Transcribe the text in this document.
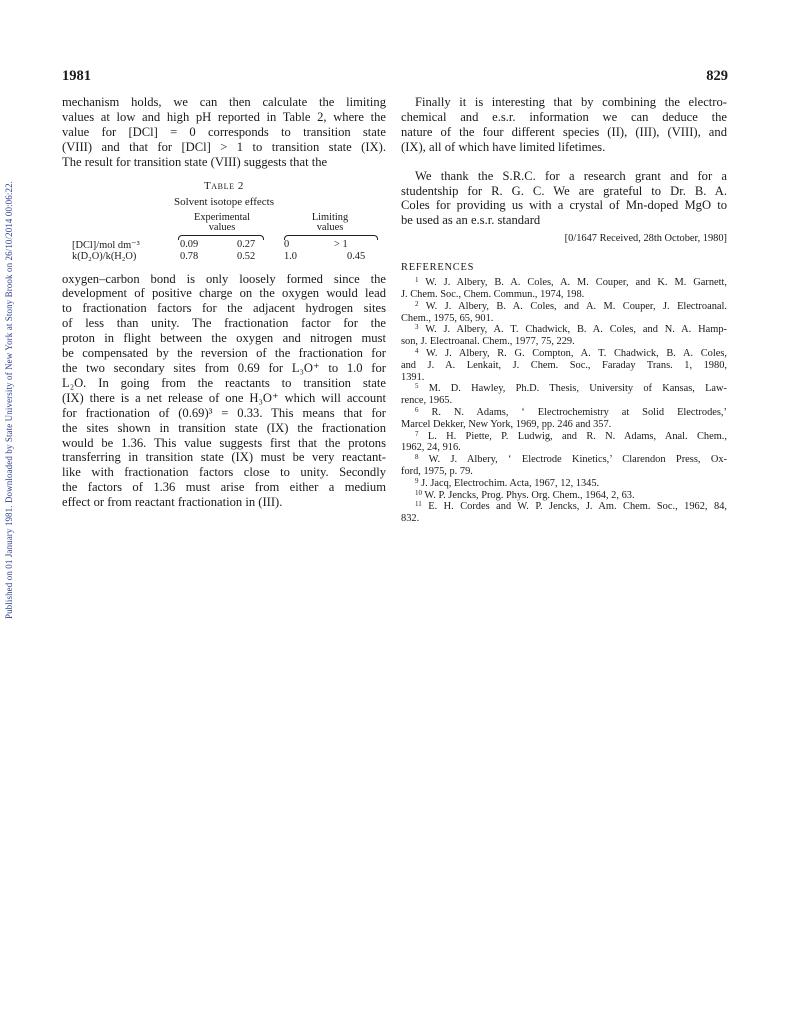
Published on 01 January 1981. Downloaded by State University of New York at Stony Brook on 26/10/2014 00:06:22.
1981	829

mechanism holds, we can then calculate the limiting
values at low and high pH reported in Table 2, where the
value for [DCl] = 0 corresponds to transition state
(VIII) and that for [DCl] > 1 to transition state (IX).
The result for transition state (VIII) suggests that the

Table 2
Solvent isotope effects
Experimental
values
Limiting
values
[DCl]/mol dm⁻³	0.09	0.27	0	> 1
k(D₂O)/k(H₂O)	0.78	0.52	1.0	0.45

oxygen–carbon bond is only loosely formed since the
development of positive charge on the oxygen would lead
to fractionation factors for the adjacent hydrogen sites
of less than unity. The fractionation factor for the
proton in flight between the oxygen and nitrogen must
be compensated by the reversion of the fractionation for
the two secondary sites from 0.69 for L₃O⁺ to 1.0 for
L₂O. In going from the reactants to transition state
(IX) there is a net release of one H₃O⁺ which will account
for fractionation of (0.69)³ = 0.33. This means that for
the sites shown in transition state (IX) the fractionation
would be 1.36. This value suggests first that the protons
transferring in transition state (IX) must be very reactant-
like with fractionation factors close to unity. Secondly
the factors of 1.36 must arise from either a medium
effect or from reactant fractionation in (III).

Finally it is interesting that by combining the electro-
chemical and e.s.r. information we can deduce the
nature of the four different species (II), (III), (VIII), and
(IX), all of which have limited lifetimes.

We thank the S.R.C. for a research grant and for a
studentship for R. G. C. We are grateful to Dr. B. A.
Coles for providing us with a crystal of Mn-doped MgO to
be used as an e.s.r. standard

[0/1647 Received, 28th October, 1980]
REFERENCES
$^1$ W. J. Albery, B. A. Coles, A. M. Couper, and K. M. Garnett,
J. Chem. Soc., Chem. Commun., 1974, 198.
$^2$ W. J. Albery, B. A. Coles, and A. M. Couper, J. Electroanal.
Chem., 1975, 65, 901.
$^3$ W. J. Albery, A. T. Chadwick, B. A. Coles, and N. A. Hamp-
son, J. Electroanal. Chem., 1977, 75, 229.
$^4$ W. J. Albery, R. G. Compton, A. T. Chadwick, B. A. Coles,
and J. A. Lenkait, J. Chem. Soc., Faraday Trans. 1, 1980,
1391.
$^5$ M. D. Hawley, Ph.D. Thesis, University of Kansas, Law-
rence, 1965.
$^6$ R. N. Adams, ‘ Electrochemistry at Solid Electrodes,’
Marcel Dekker, New York, 1969, pp. 246 and 357.
$^7$ L. H. Piette, P. Ludwig, and R. N. Adams, Anal. Chem.,
1962, 24, 916.
$^8$ W. J. Albery, ‘ Electrode Kinetics,’ Clarendon Press, Ox-
ford, 1975, p. 79.
$^9$ J. Jacq, Electrochim. Acta, 1967, 12, 1345.
$^{10}$ W. P. Jencks, Prog. Phys. Org. Chem., 1964, 2, 63.
$^{11}$ E. H. Cordes and W. P. Jencks, J. Am. Chem. Soc., 1962, 84,
832.
